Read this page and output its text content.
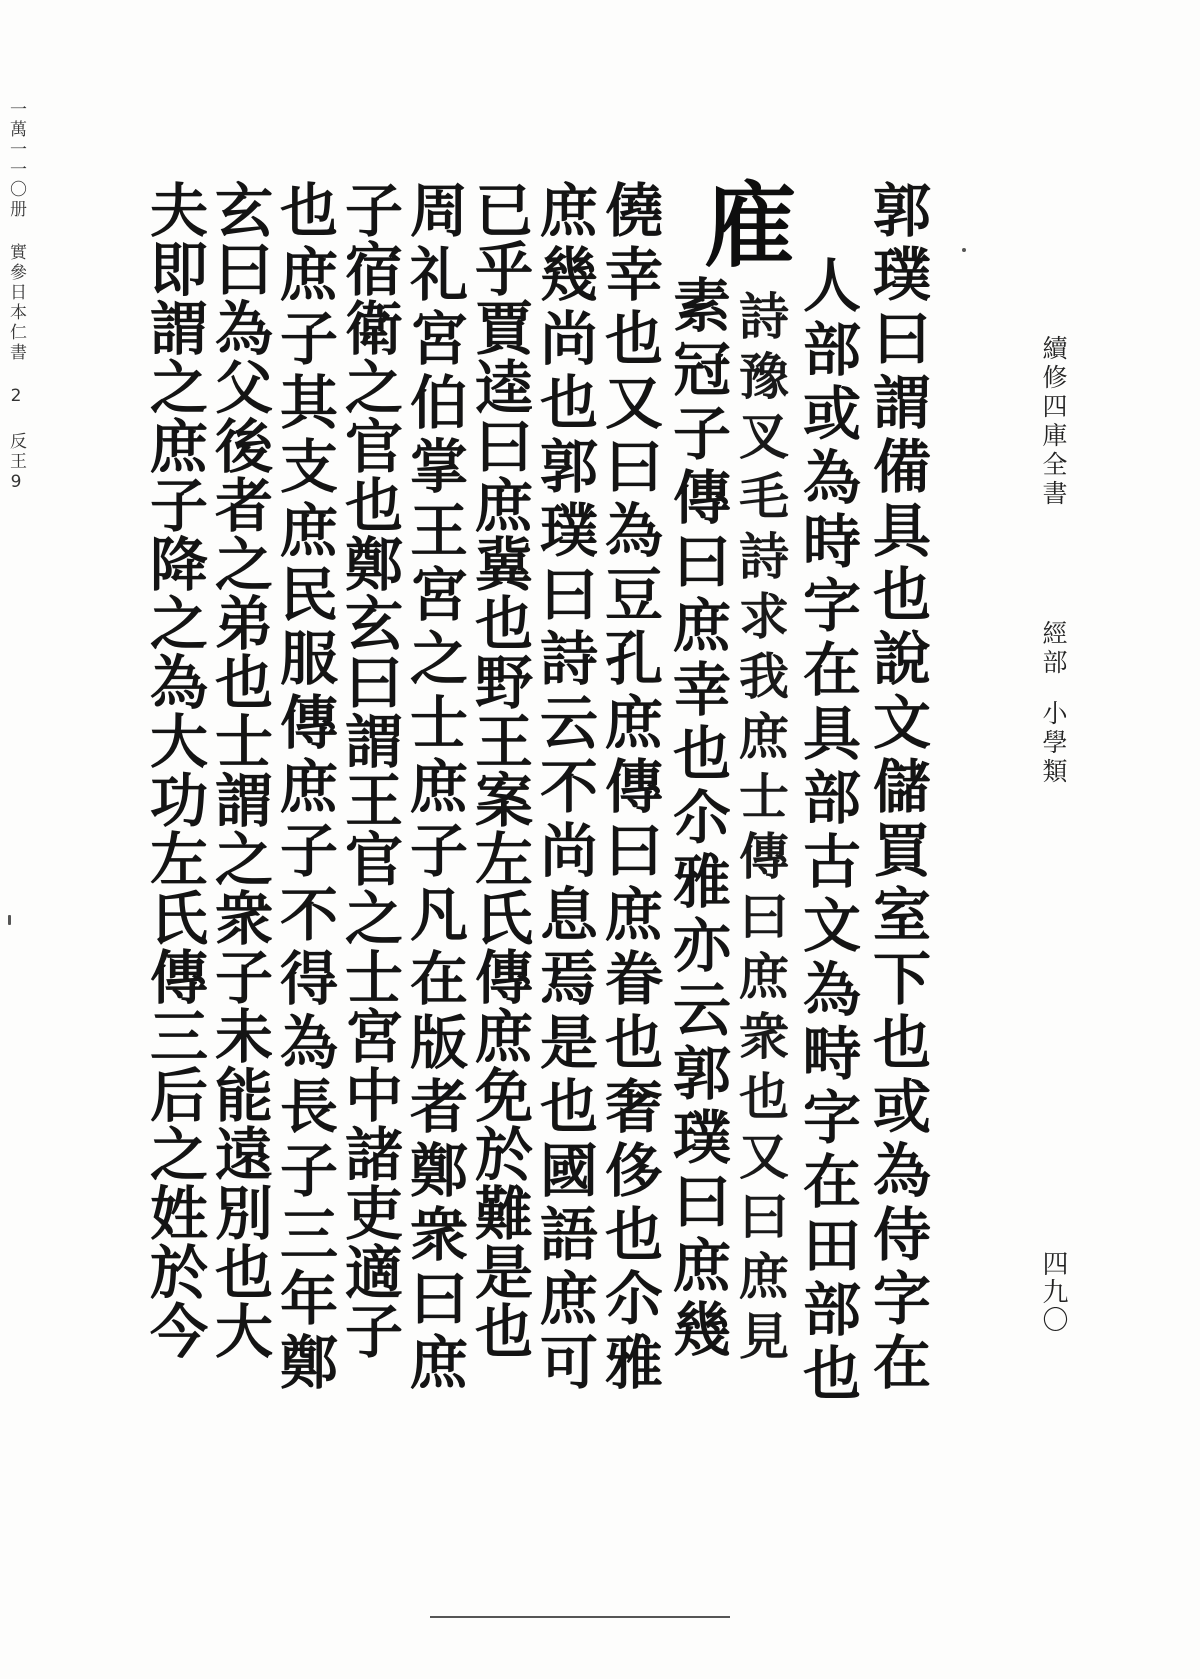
續修四庫全書
經部
小學類
四九〇
一萬一一〇册 實參日本仁書 2 反王9	郭璞曰謂備具也說文儲買室下也或為侍字在
人部或為時字在具部古文為畤字在田部也
㢈
詩豫叉毛詩求我庶士傳曰庶衆也又曰庶見
素冠子傳曰庶幸也尒雅亦云郭璞曰庶幾
僥幸也又曰為豆孔庶傳曰庶眷也奢侈也尒雅
庶幾尚也郭璞曰詩云不尚息焉是也國語庶可
已乎賈逵曰庶冀也野王案左氏傳庶免於難是也
周礼宮伯掌王宮之士庶子凡在版者鄭衆曰庶
子宿衛之官也鄭玄曰謂王官之士宮中諸吏適子
也庶子其支庶民服傳庶子不得為長子三年鄭
玄曰為父後者之弟也士謂之衆子未能遠別也大
夫即謂之庶子降之為大功左氏傳三后之姓於今
